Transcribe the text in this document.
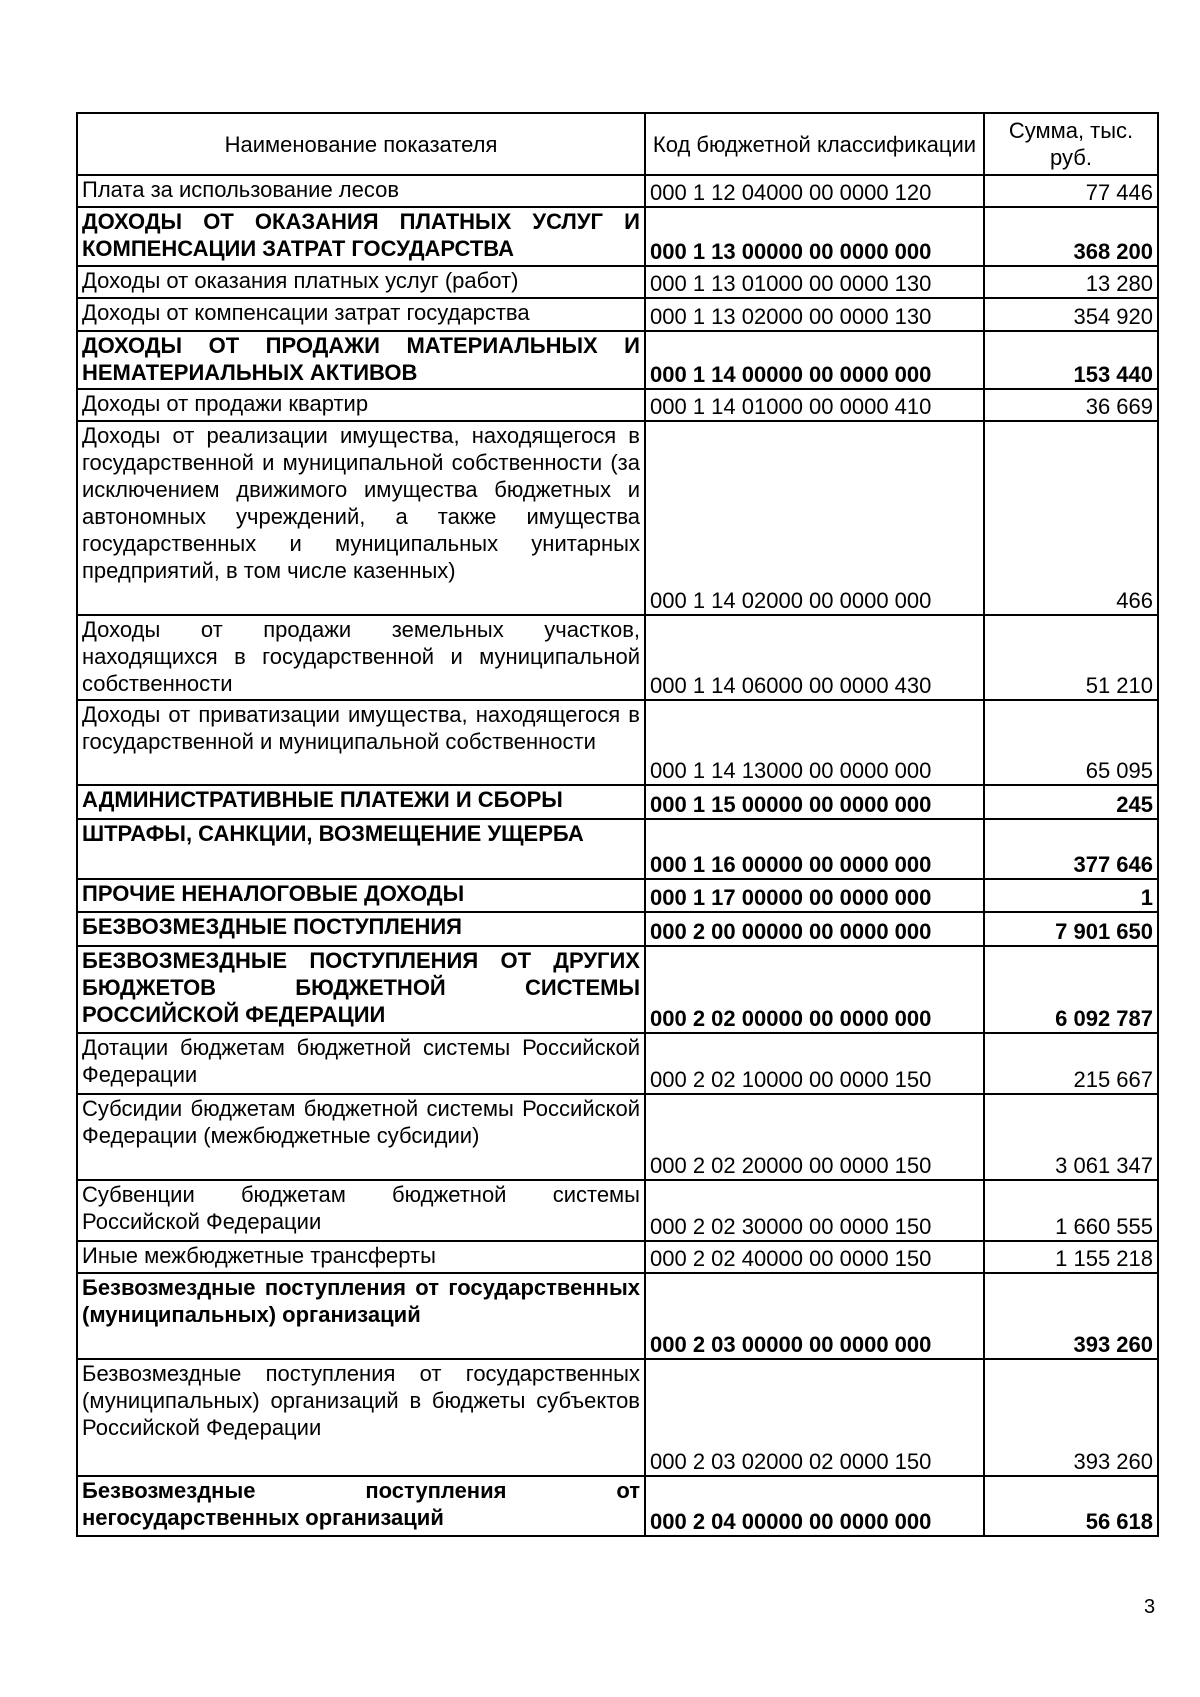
Наименование показателя	Код бюджетной классификации	Сумма, тыс. руб.
Плата за использование лесов	000 1 12 04000 00 0000 120	77 446
ДОХОДЫ ОТ ОКАЗАНИЯ ПЛАТНЫХ УСЛУГ И КОМПЕНСАЦИИ ЗАТРАТ ГОСУДАРСТВА	000 1 13 00000 00 0000 000	368 200
Доходы от оказания платных услуг (работ)	000 1 13 01000 00 0000 130	13 280
Доходы от компенсации затрат государства	000 1 13 02000 00 0000 130	354 920
ДОХОДЫ ОТ ПРОДАЖИ МАТЕРИАЛЬНЫХ И НЕМАТЕРИАЛЬНЫХ АКТИВОВ	000 1 14 00000 00 0000 000	153 440
Доходы от продажи квартир	000 1 14 01000 00 0000 410	36 669
Доходы от реализации имущества, находящегося в государственной и муниципальной собственности (за исключением движимого имущества бюджетных и автономных учреждений, а также имущества государственных и муниципальных унитарных предприятий, в том числе казенных)	000 1 14 02000 00 0000 000	466
Доходы от продажи земельных участков, находящихся в государственной и муниципальной собственности	000 1 14 06000 00 0000 430	51 210
Доходы от приватизации имущества, находящегося в государственной и муниципальной собственности	000 1 14 13000 00 0000 000	65 095
АДМИНИСТРАТИВНЫЕ ПЛАТЕЖИ И СБОРЫ	000 1 15 00000 00 0000 000	245
ШТРАФЫ, САНКЦИИ, ВОЗМЕЩЕНИЕ УЩЕРБА	000 1 16 00000 00 0000 000	377 646
ПРОЧИЕ НЕНАЛОГОВЫЕ ДОХОДЫ	000 1 17 00000 00 0000 000	1
БЕЗВОЗМЕЗДНЫЕ ПОСТУПЛЕНИЯ	000 2 00 00000 00 0000 000	7 901 650
БЕЗВОЗМЕЗДНЫЕ ПОСТУПЛЕНИЯ ОТ ДРУГИХ БЮДЖЕТОВ БЮДЖЕТНОЙ СИСТЕМЫ РОССИЙСКОЙ ФЕДЕРАЦИИ	000 2 02 00000 00 0000 000	6 092 787
Дотации бюджетам бюджетной системы Российской Федерации	000 2 02 10000 00 0000 150	215 667
Субсидии бюджетам бюджетной системы Российской Федерации (межбюджетные субсидии)	000 2 02 20000 00 0000 150	3 061 347
Субвенции бюджетам бюджетной системы Российской Федерации	000 2 02 30000 00 0000 150	1 660 555
Иные межбюджетные трансферты	000 2 02 40000 00 0000 150	1 155 218
Безвозмездные поступления от государственных (муниципальных) организаций	000 2 03 00000 00 0000 000	393 260
Безвозмездные поступления от государственных (муниципальных) организаций в бюджеты субъектов Российской Федерации	000 2 03 02000 02 0000 150	393 260
Безвозмездные поступления от негосударственных организаций	000 2 04 00000 00 0000 000	56 618
3
